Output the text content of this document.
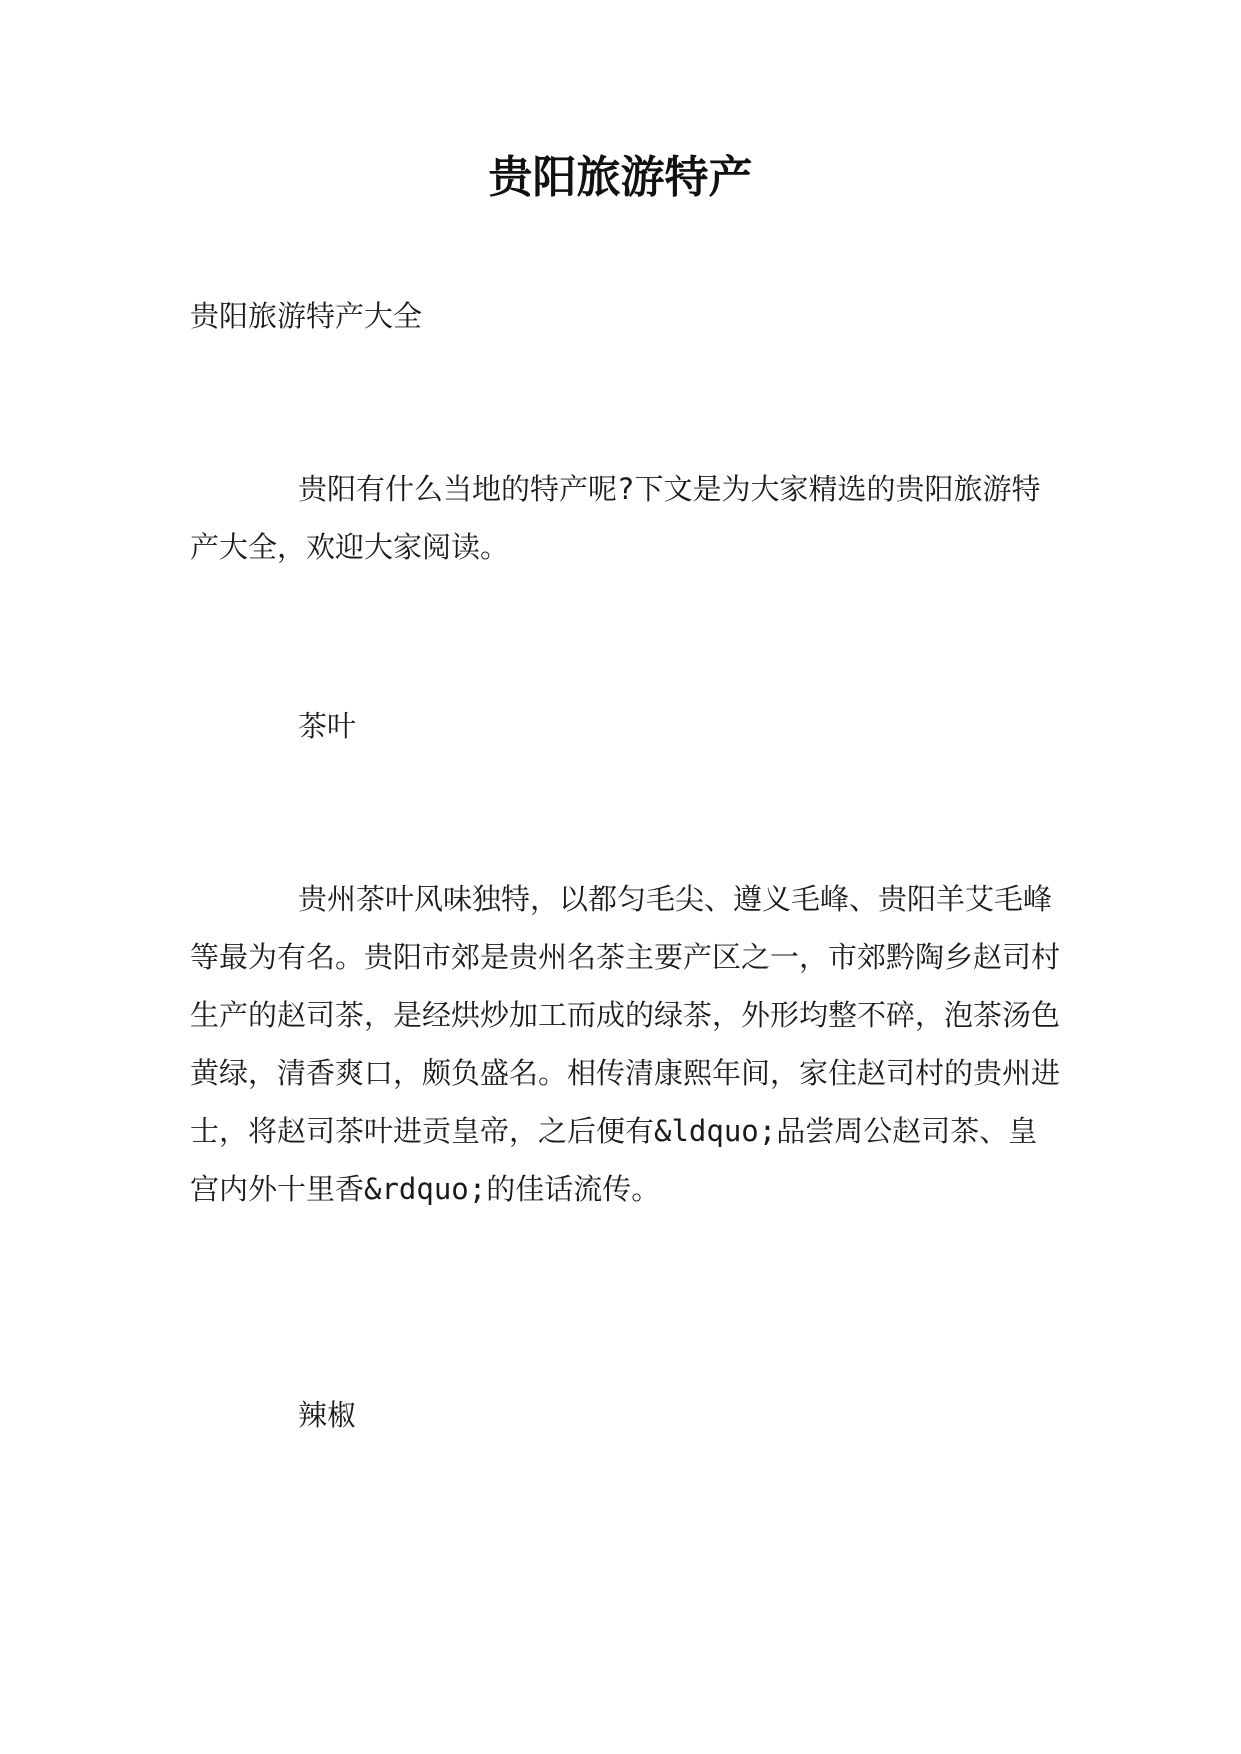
贵阳旅游特产

贵阳旅游特产大全

贵阳有什么当地的特产呢?下文是为大家精选的贵阳旅游特产大全，欢迎大家阅读。

茶叶

贵州茶叶风味独特，以都匀毛尖、遵义毛峰、贵阳羊艾毛峰等最为有名。贵阳市郊是贵州名茶主要产区之一，市郊黔陶乡赵司村生产的赵司茶，是经烘炒加工而成的绿茶，外形均整不碎，泡茶汤色黄绿，清香爽口，颇负盛名。相传清康熙年间，家住赵司村的贵州进士，将赵司茶叶进贡皇帝，之后便有&ldquo;品尝周公赵司茶、皇宫内外十里香&rdquo;的佳话流传。

辣椒
